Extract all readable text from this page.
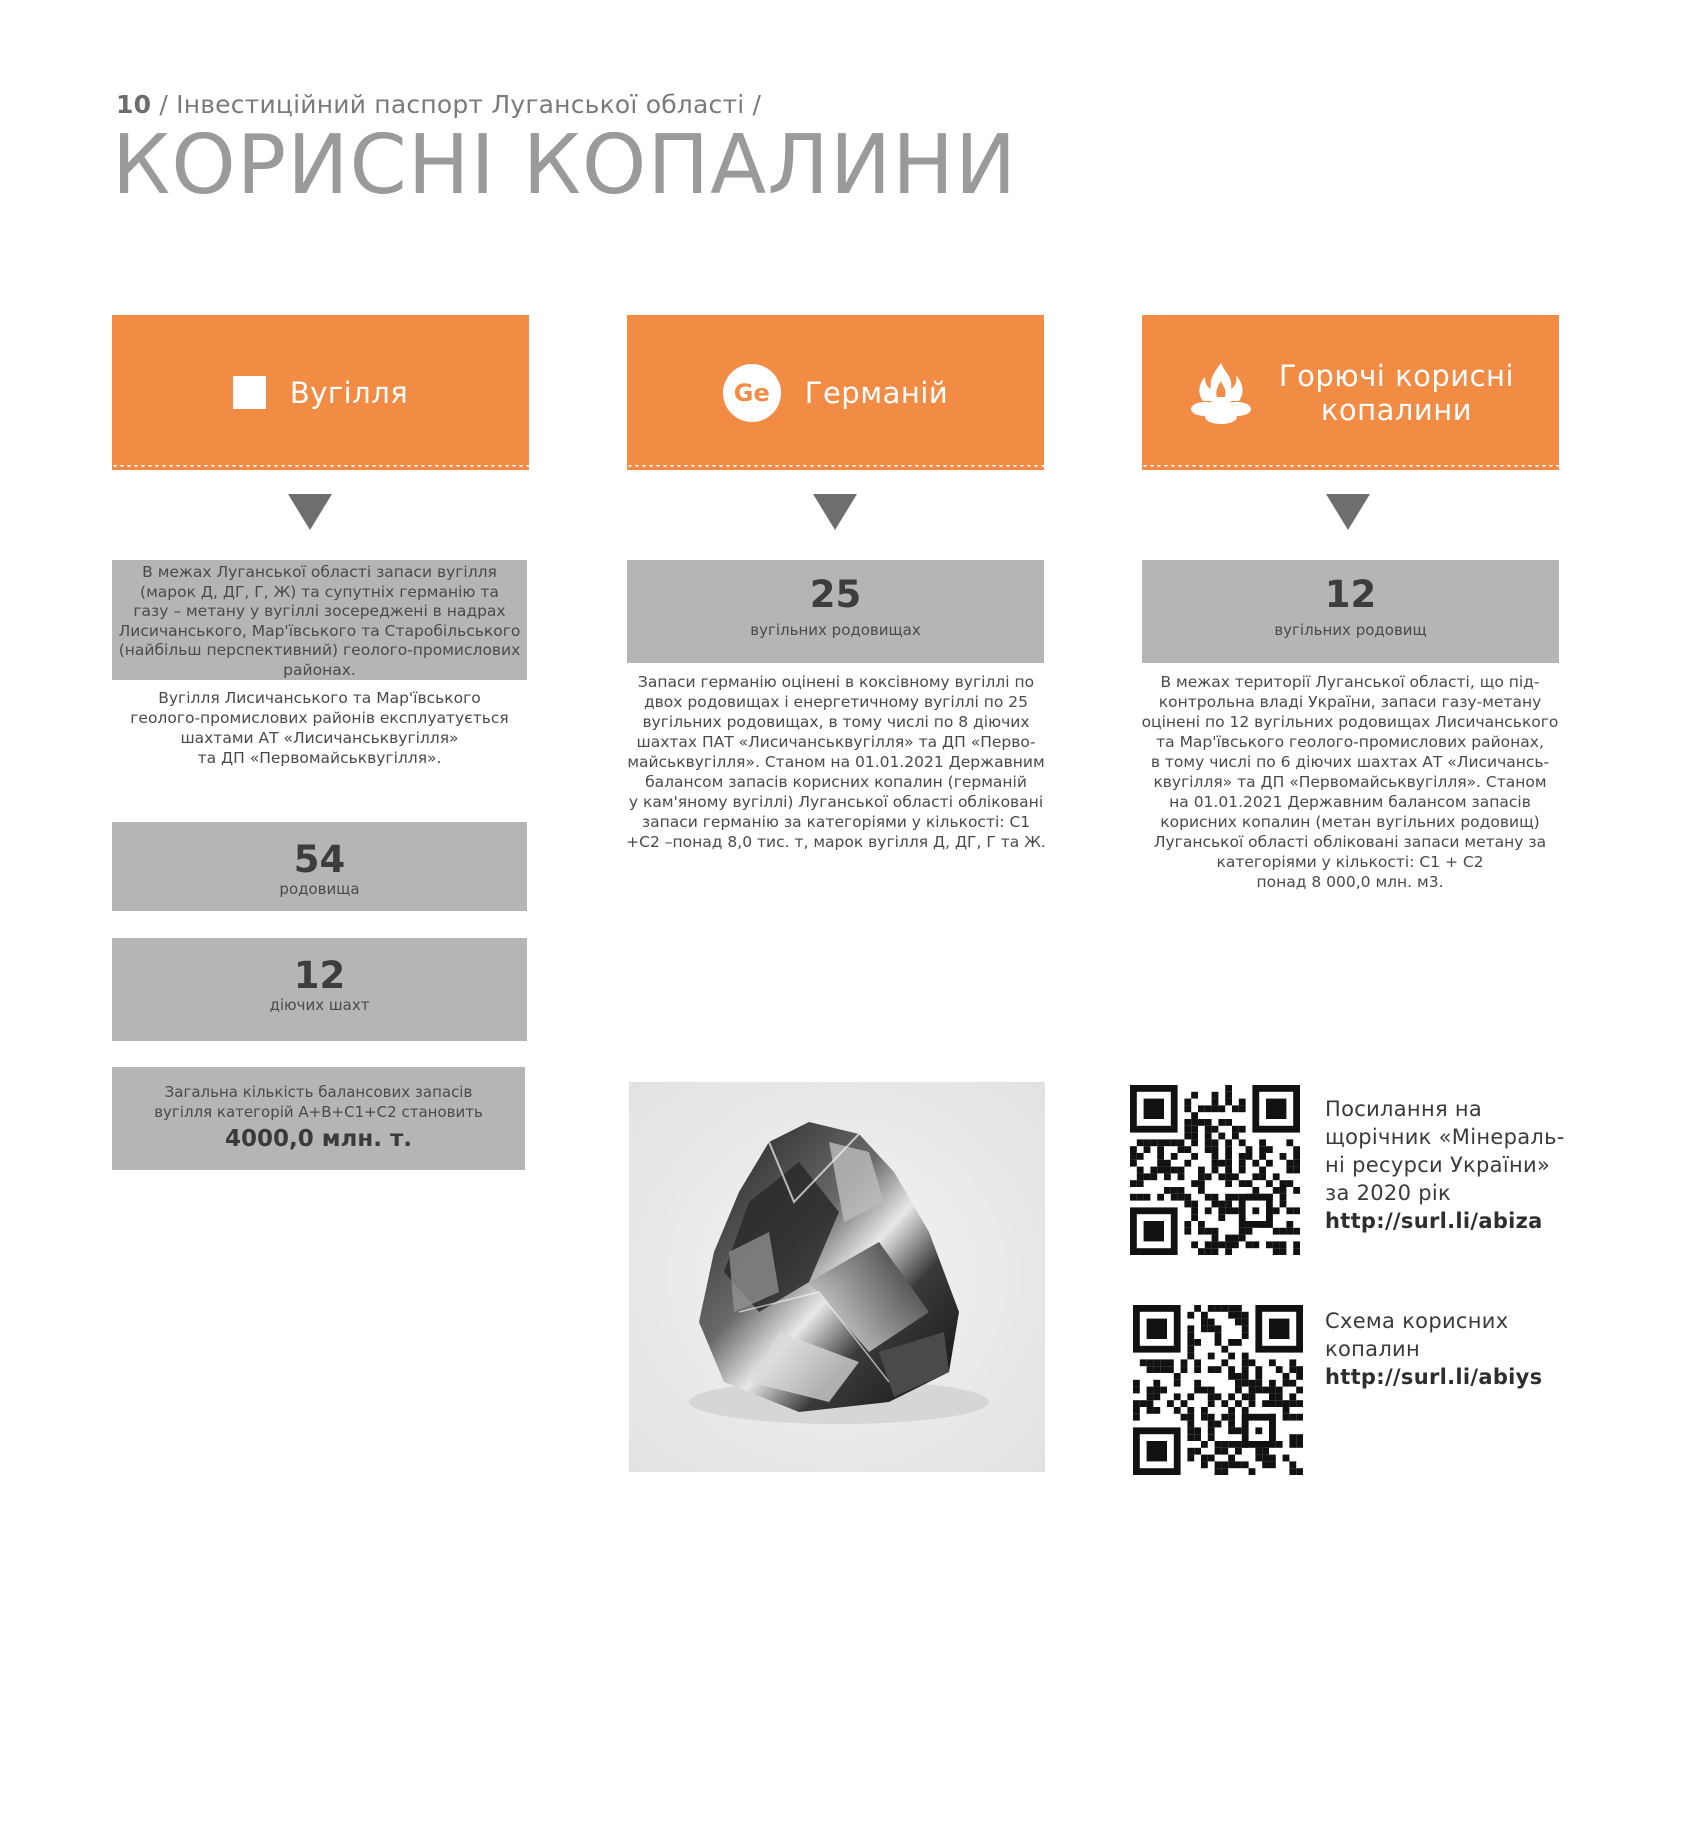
10 / Інвестиційний паспорт Луганської області /
КОРИСНІ КОПАЛИНИ
Вугілля
В межах Луганської області запаси вугілля
(марок Д, ДГ, Г, Ж) та супутніх германію та
газу – метану у вугіллі зосереджені в надрах
Лисичанського, Мар'ївського та Старобільського
(найбільш перспективний) геолого-промислових
районах.
Вугілля Лисичанського та Мар'ївського
геолого-промислових районів експлуатується
шахтами АТ «Лисичанськвугілля»
та ДП «Первомайськвугілля».
54
родовища
12
діючих шахт
Загальна кількість балансових запасів
вугілля категорій А+В+С1+С2 становить
4000,0 млн. т.
Ge	Германій
25
вугільних родовищах
Запаси германію оцінені в коксівному вугіллі по
двох родовищах і енергетичному вугіллі по 25
вугільних родовищах, в тому числі по 8 діючих
шахтах ПАТ «Лисичанськвугілля» та ДП «Перво-
майськвугілля». Станом на 01.01.2021 Державним
балансом запасів корисних копалин (германій
у кам'яному вугіллі) Луганської області обліковані
запаси германію за категоріями у кількості: С1
+С2 –понад 8,0 тис. т, марок вугілля Д, ДГ, Г та Ж.
Горючі корисні
копалини
12
вугільних родовищ
В межах території Луганської області, що під-
контрольна владі України, запаси газу-метану
оцінені по 12 вугільних родовищах Лисичанського
та Мар'ївського геолого-промислових районах,
в тому числі по 6 діючих шахтах АТ «Лисичансь-
квугілля» та ДП «Первомайськвугілля». Станом
на 01.01.2021 Державним балансом запасів
корисних копалин (метан вугільних родовищ)
Луганської області обліковані запаси метану за
категоріями у кількості: С1 + С2
понад 8 000,0 млн. м3.
Посилання на
щорічник «Мінераль-
ні ресурси України»
за 2020 рік
http://surl.li/abiza
Схема корисних
копалин
http://surl.li/abiys
